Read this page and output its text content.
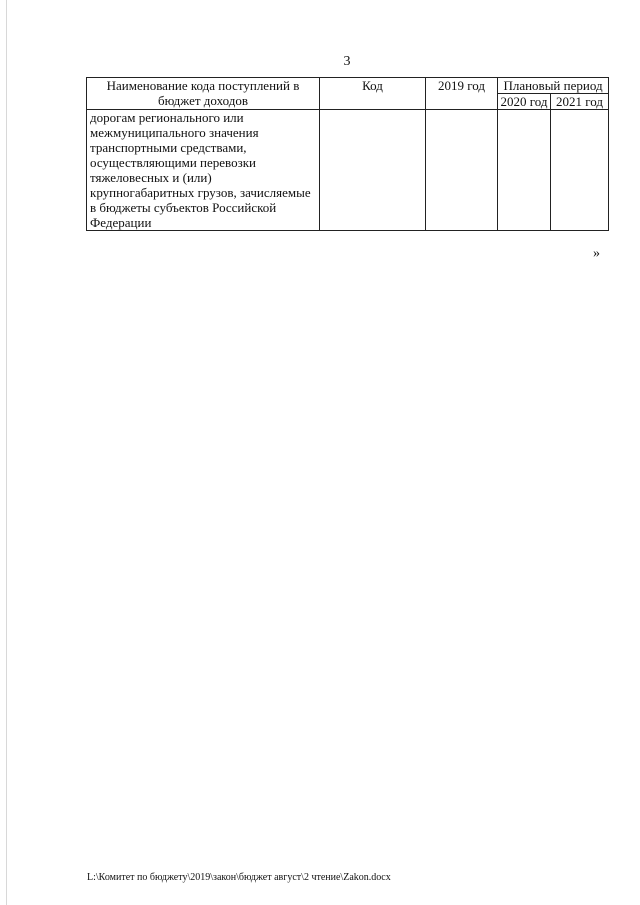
3
Наименование кода поступлений в бюджет доходов	Код	2019 год	Плановый период	
			2020 год	2021 год
дорогам регионального или межмуниципального значения транспортными средствами, осуществляющими перевозки тяжеловесных и (или) крупногабаритных грузов, зачисляемые в бюджеты субъектов Российской Федерации				
»
L:\Комитет по бюджету\2019\закон\бюджет август\2 чтение\Zakon.docx
